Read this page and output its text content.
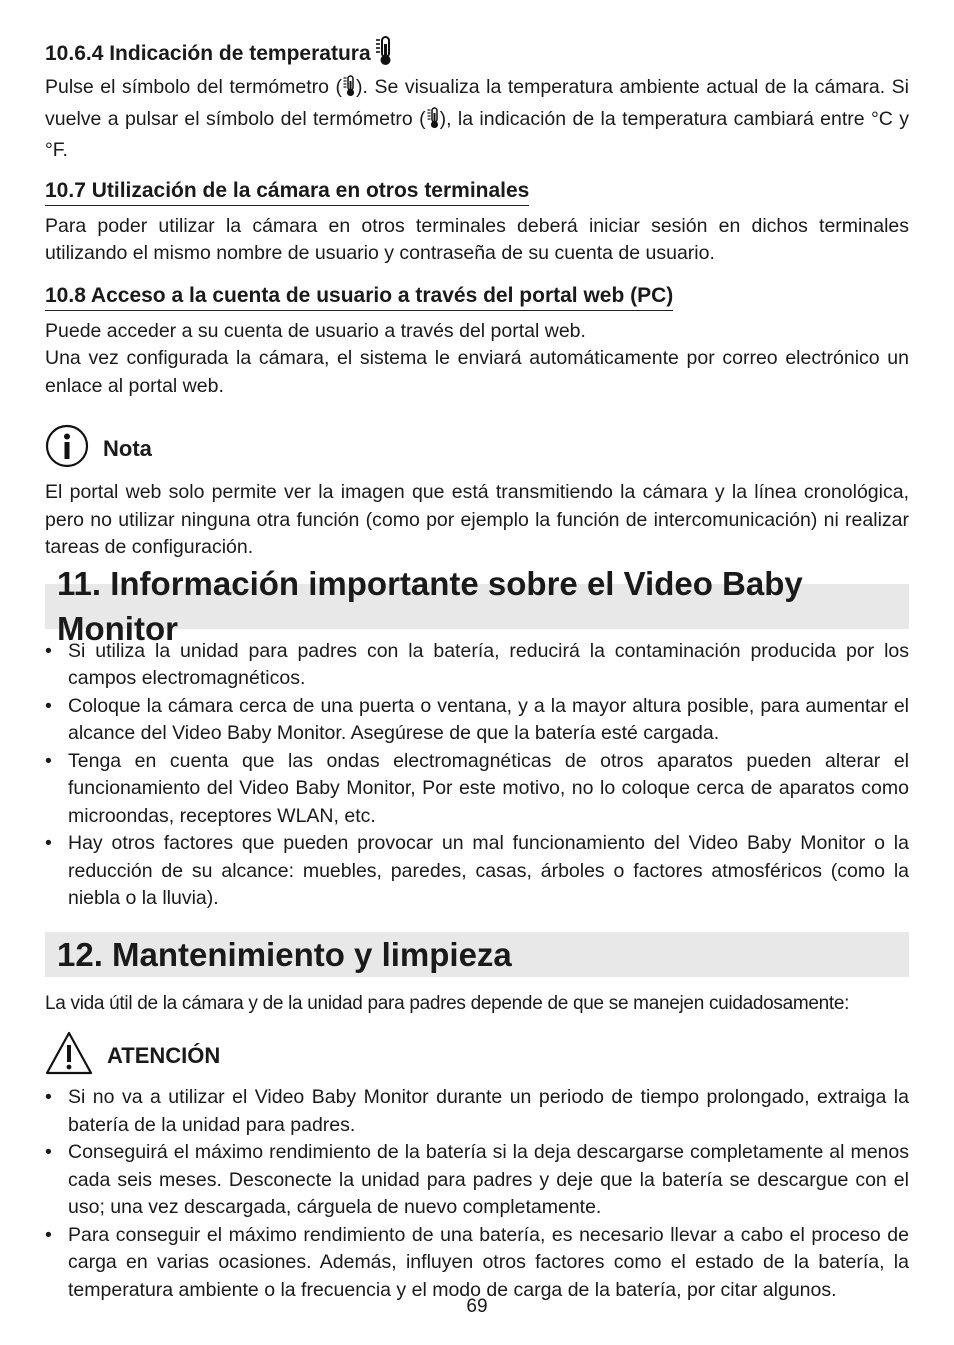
10.6.4 Indicación de temperatura

Pulse el símbolo del termómetro ( ). Se visualiza la temperatura ambiente actual de la cámara. Si vuelve a pulsar el símbolo del termómetro ( ), la indicación de la temperatura cambiará entre °C y °F.

10.7 Utilización de la cámara en otros terminales

Para poder utilizar la cámara en otros terminales deberá iniciar sesión en dichos terminales utilizando el mismo nombre de usuario y contraseña de su cuenta de usuario.

10.8 Acceso a la cuenta de usuario a través del portal web (PC)

Puede acceder a su cuenta de usuario a través del portal web.

Una vez configurada la cámara, el sistema le enviará automáticamente por correo electrónico un enlace al portal web.

Nota

El portal web solo permite ver la imagen que está transmitiendo la cámara y la línea cronológica, pero no utilizar ninguna otra función (como por ejemplo la función de intercomunicación) ni realizar tareas de configuración.

11. Información importante sobre el Video Baby Monitor
• Si utiliza la unidad para padres con la batería, reducirá la contaminación producida por los campos electromagnéticos.
• Coloque la cámara cerca de una puerta o ventana, y a la mayor altura posible, para aumentar el alcance del Video Baby Monitor. Asegúrese de que la batería esté cargada.
• Tenga en cuenta que las ondas electromagnéticas de otros aparatos pueden alterar el funcionamiento del Video Baby Monitor, Por este motivo, no lo coloque cerca de aparatos como microondas, receptores WLAN, etc.
• Hay otros factores que pueden provocar un mal funcionamiento del Video Baby Monitor o la reducción de su alcance: muebles, paredes, casas, árboles o factores atmosféricos (como la niebla o la lluvia).
12. Mantenimiento y limpieza

La vida útil de la cámara y de la unidad para padres depende de que se manejen cuidadosamente:

ATENCIÓN
• Si no va a utilizar el Video Baby Monitor durante un periodo de tiempo prolongado, extraiga la batería de la unidad para padres.
• Conseguirá el máximo rendimiento de la batería si la deja descargarse completamente al menos cada seis meses. Desconecte la unidad para padres y deje que la batería se descargue con el uso; una vez descargada, cárguela de nuevo completamente.
• Para conseguir el máximo rendimiento de una batería, es necesario llevar a cabo el proceso de carga en varias ocasiones. Además, influyen otros factores como el estado de la batería, la temperatura ambiente o la frecuencia y el modo de carga de la batería, por citar algunos.
69
